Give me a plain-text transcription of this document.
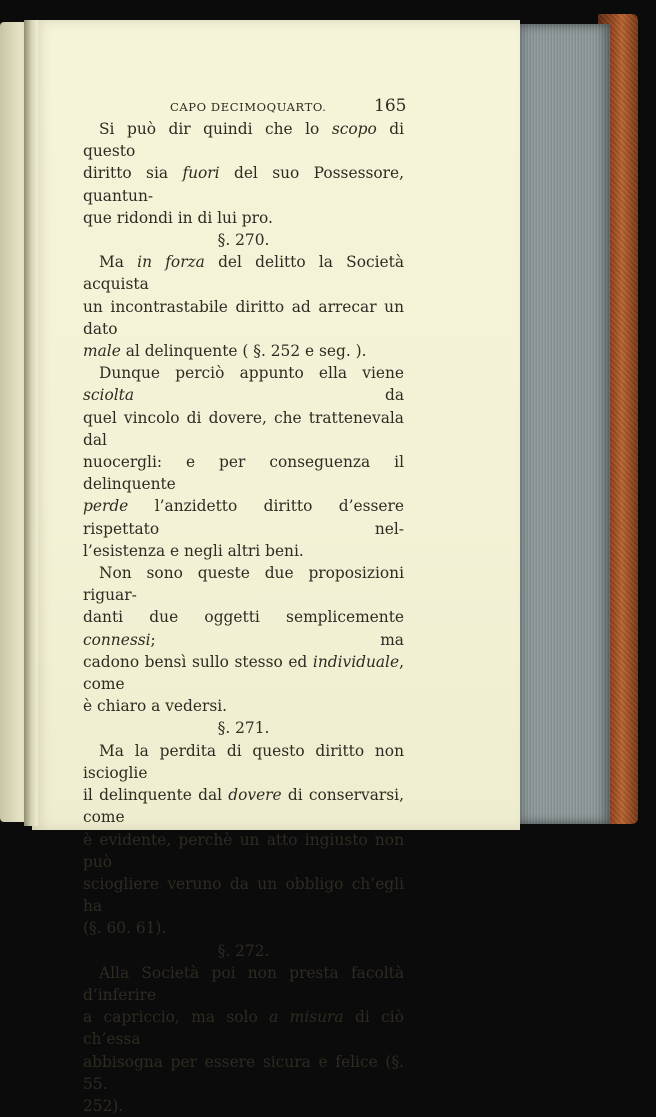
CAPO DECIMOQUARTO.	165

Si può dir quindi che lo scopo di questo

diritto sia fuori del suo Possessore, quantun-

que ridondi in di lui pro.

§. 270.

Ma in forza del delitto la Società acquista

un incontrastabile diritto ad arrecar un dato

male al delinquente ( §. 252 e seg. ).

Dunque perciò appunto ella viene sciolta da

quel vincolo di dovere, che trattenevala dal

nuocergli: e per conseguenza il delinquente

perde l’anzidetto diritto d’essere rispettato nel-

l’esistenza e negli altri beni.

Non sono queste due proposizioni riguar-

danti due oggetti semplicemente connessi; ma

cadono bensì sullo stesso ed individuale, come

è chiaro a vedersi.

§. 271.

Ma la perdita di questo diritto non iscioglie

il delinquente dal dovere di conservarsi, come

è evidente, perchè un atto ingiusto non può

sciogliere veruno da un obbligo ch’egli ha

(§. 60. 61).

§. 272.

Alla Società poi non presta facoltà d’inferire

a capriccio, ma solo a misura di ciò ch’essa

abbisogna per essere sicura e felice (§. 55.

252).
